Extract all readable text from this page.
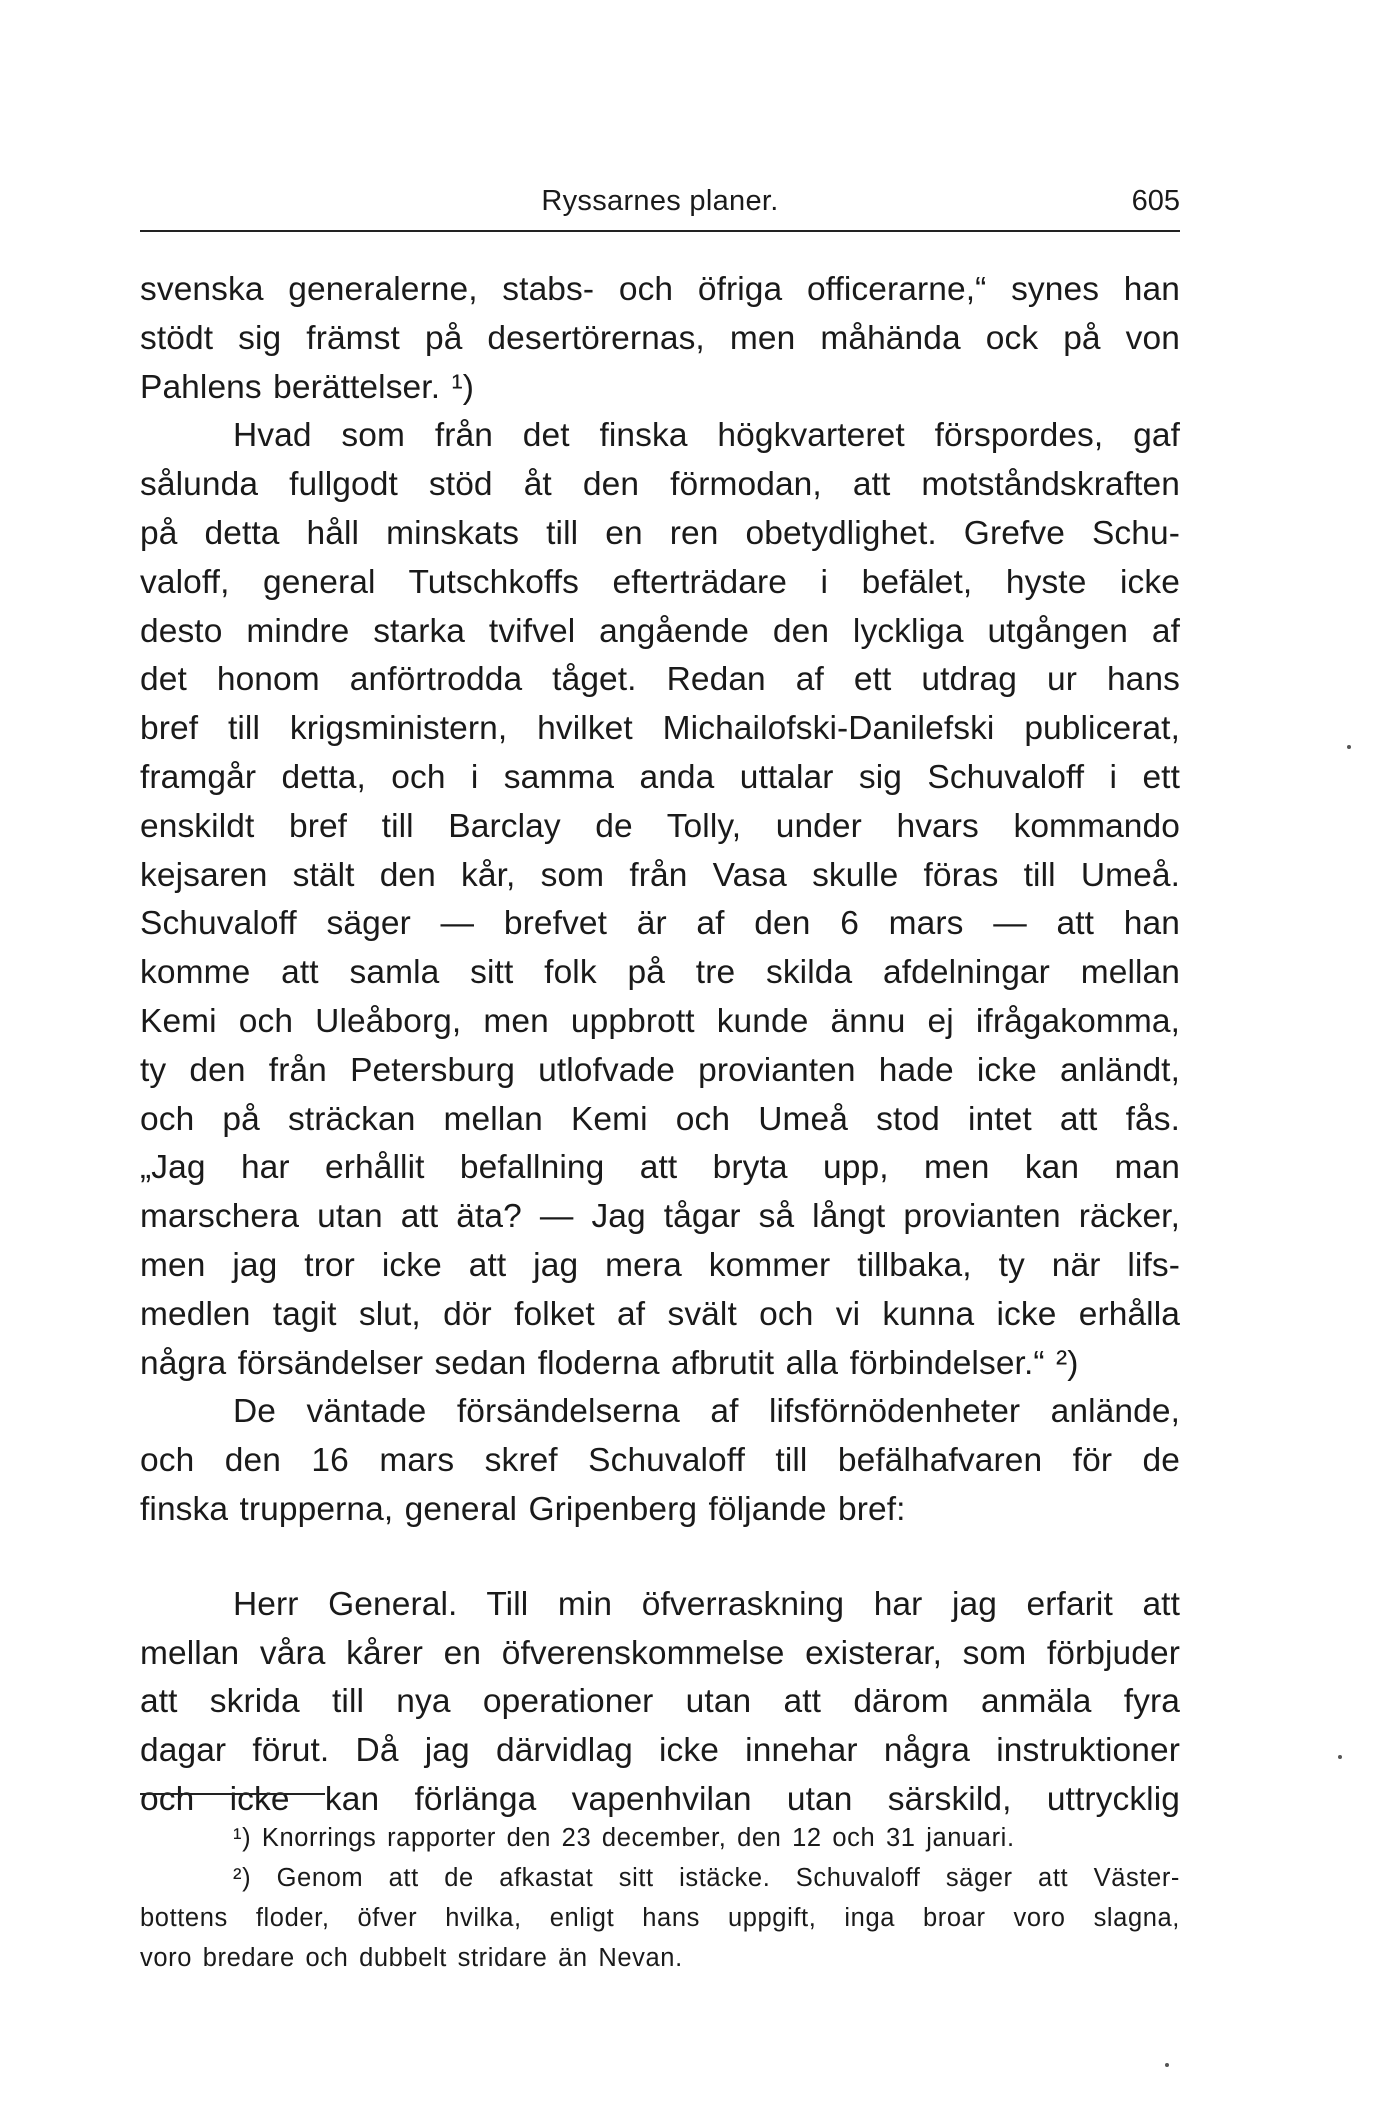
Ryssarnes planer.	605
svenska generalerne, stabs- och öfriga officerarne,“ synes han
stödt sig främst på desertörernas, men måhända ock på von
Pahlens berättelser. ¹)
Hvad som från det finska högkvarteret förspordes, gaf
sålunda fullgodt stöd åt den förmodan, att motståndskraften
på detta håll minskats till en ren obetydlighet. Grefve Schu-
valoff, general Tutschkoffs efterträdare i befälet, hyste icke
desto mindre starka tvifvel angående den lyckliga utgången af
det honom anförtrodda tåget. Redan af ett utdrag ur hans
bref till krigsministern, hvilket Michailofski-Danilefski publicerat,
framgår detta, och i samma anda uttalar sig Schuvaloff i ett
enskildt bref till Barclay de Tolly, under hvars kommando
kejsaren stält den kår, som från Vasa skulle föras till Umeå.
Schuvaloff säger — brefvet är af den 6 mars — att han
komme att samla sitt folk på tre skilda afdelningar mellan
Kemi och Uleåborg, men uppbrott kunde ännu ej ifrågakomma,
ty den från Petersburg utlofvade provianten hade icke anländt,
och på sträckan mellan Kemi och Umeå stod intet att fås.
„Jag har erhållit befallning att bryta upp, men kan man
marschera utan att äta? — Jag tågar så långt provianten räcker,
men jag tror icke att jag mera kommer tillbaka, ty när lifs-
medlen tagit slut, dör folket af svält och vi kunna icke erhålla
några försändelser sedan floderna afbrutit alla förbindelser.“ ²)
De väntade försändelserna af lifsförnödenheter anlände,
och den 16 mars skref Schuvaloff till befälhafvaren för de
finska trupperna, general Gripenberg följande bref:
Herr General. Till min öfverraskning har jag erfarit att
mellan våra kårer en öfverenskommelse existerar, som förbjuder
att skrida till nya operationer utan att därom anmäla fyra
dagar förut. Då jag därvidlag icke innehar några instruktioner
och icke kan förlänga vapenhvilan utan särskild, uttrycklig
¹) Knorrings rapporter den 23 december, den 12 och 31 januari.
²) Genom att de afkastat sitt istäcke. Schuvaloff säger att Väster-
bottens floder, öfver hvilka, enligt hans uppgift, inga broar voro slagna,
voro bredare och dubbelt stridare än Nevan.
